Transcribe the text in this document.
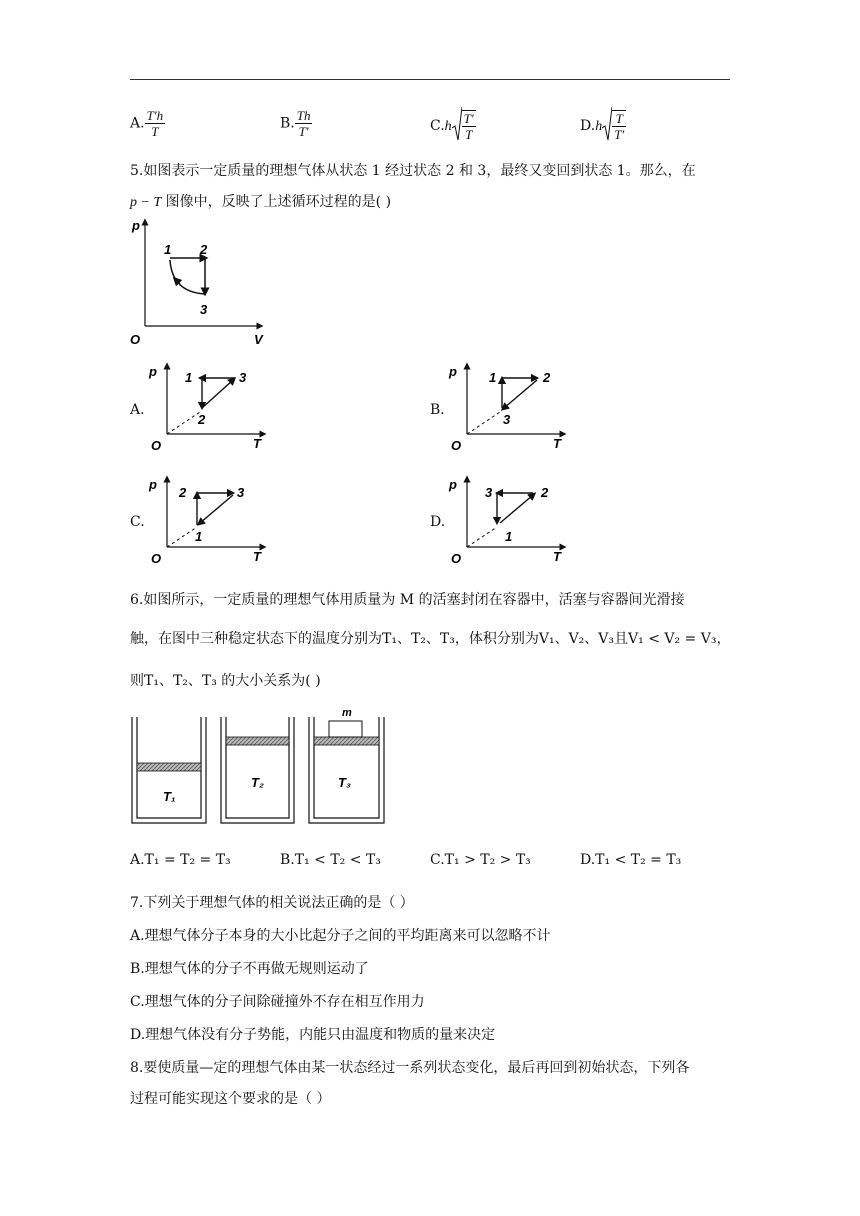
A. $\frac{T'h}{T}$	B. $\frac{Th}{T'}$	$C.h \frac{T'}{T}$	$D.h \frac{T}{T'}$
5.如图表示一定质量的理想气体从状态 1 经过状态 2 和 3，最终又变回到状态 1。那么，在
p − T 图像中，反映了上述循环过程的是( )
p
V
O
1 2
3
A.
p
T
O
1	3
2
B.
p
T
O
1	2
3
C.
p
T
O
2	3
1
D.
p
T
O
3	2
1
6.如图所示，一定质量的理想气体用质量为 M 的活塞封闭在容器中，活塞与容器间光滑接
触，在图中三种稳定状态下的温度分别为T₁、T₂、T₃，体积分别为V₁、V₂、V₃且V₁ < V₂ = V₃，
则T₁、T₂、T₃ 的大小关系为( )
T₁
T₂
m
T₃
A.T₁ = T₂ = T₃	B.T₁ < T₂ < T₃	C.T₁ > T₂ > T₃	D.T₁ < T₂ = T₃
7.下列关于理想气体的相关说法正确的是（ ）
A.理想气体分子本身的大小比起分子之间的平均距离来可以忽略不计
B.理想气体的分子不再做无规则运动了
C.理想气体的分子间除碰撞外不存在相互作用力
D.理想气体没有分子势能，内能只由温度和物质的量来决定
8.要使质量—定的理想气体由某一状态经过一系列状态变化，最后再回到初始状态，下列各
过程可能实现这个要求的是（ ）
